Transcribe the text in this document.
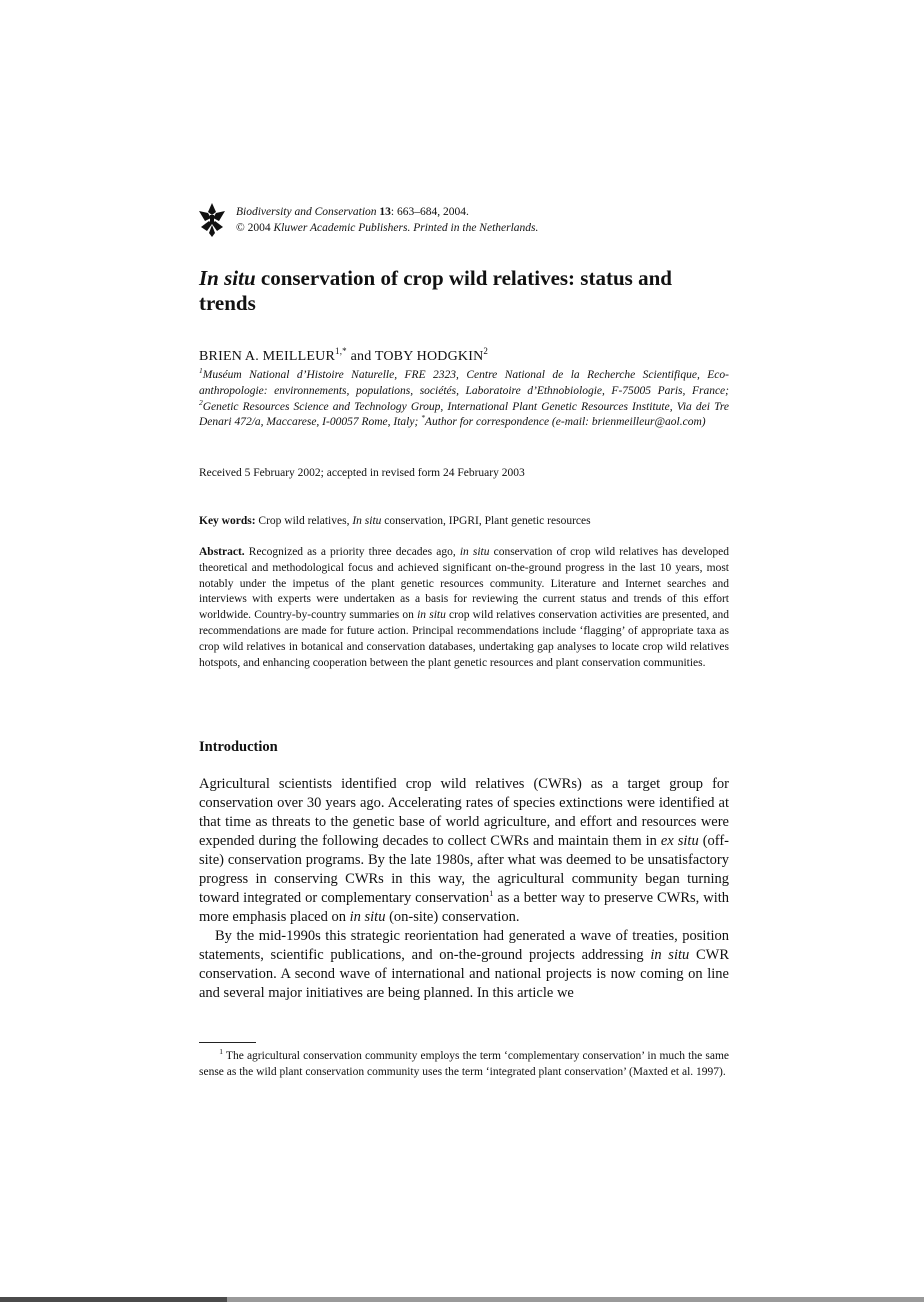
Biodiversity and Conservation 13: 663–684, 2004.
© 2004 Kluwer Academic Publishers. Printed in the Netherlands.
In situ conservation of crop wild relatives: status and trends
BRIEN A. $MEILLEUR^{1,*}$ and TOBY HODGKIN$^2$

$^1$Muséum National d’Histoire Naturelle, FRE 2323, Centre National de la Recherche Scientifique, Eco-anthropologie: environnements, populations, sociétés, Laboratoire d’Ethnobiologie, F-75005 Paris, France; $^2$Genetic Resources Science and Technology Group, International Plant Genetic Resources Institute, Via dei Tre Denari 472/a, Maccarese, I-00057 Rome, Italy; *Author for correspondence (e-mail: brienmeilleur@aol.com)

Received 5 February 2002; accepted in revised form 24 February 2003

Key words: Crop wild relatives, In situ conservation, IPGRI, Plant genetic resources

Abstract. Recognized as a priority three decades ago, in situ conservation of crop wild relatives has developed theoretical and methodological focus and achieved significant on-the-ground progress in the last 10 years, most notably under the impetus of the plant genetic resources community. Literature and Internet searches and interviews with experts were undertaken as a basis for reviewing the current status and trends of this effort worldwide. Country-by-country summaries on in situ crop wild relatives conservation activities are presented, and recommendations are made for future action. Principal recommendations include ‘flagging’ of appropriate taxa as crop wild relatives in botanical and conservation databases, undertaking gap analyses to locate crop wild relatives hotspots, and enhancing cooperation between the plant genetic resources and plant conservation communities.

Introduction

Agricultural scientists identified crop wild relatives (CWRs) as a target group for conservation over 30 years ago. Accelerating rates of species extinctions were identified at that time as threats to the genetic base of world agriculture, and effort and resources were expended during the following decades to collect CWRs and maintain them in ex situ (off-site) conservation programs. By the late 1980s, after what was deemed to be unsatisfactory progress in conserving CWRs in this way, the agricultural community began turning toward integrated or complementary conservation$^1$ as a better way to preserve CWRs, with more emphasis placed on in situ (on-site) conservation.

By the mid-1990s this strategic reorientation had generated a wave of treaties, position statements, scientific publications, and on-the-ground projects addressing in situ CWR conservation. A second wave of international and national projects is now coming on line and several major initiatives are being planned. In this article we

$^1$ The agricultural conservation community employs the term ‘complementary conservation’ in much the same sense as the wild plant conservation community uses the term ‘integrated plant conservation’ (Maxted et al. 1997).
